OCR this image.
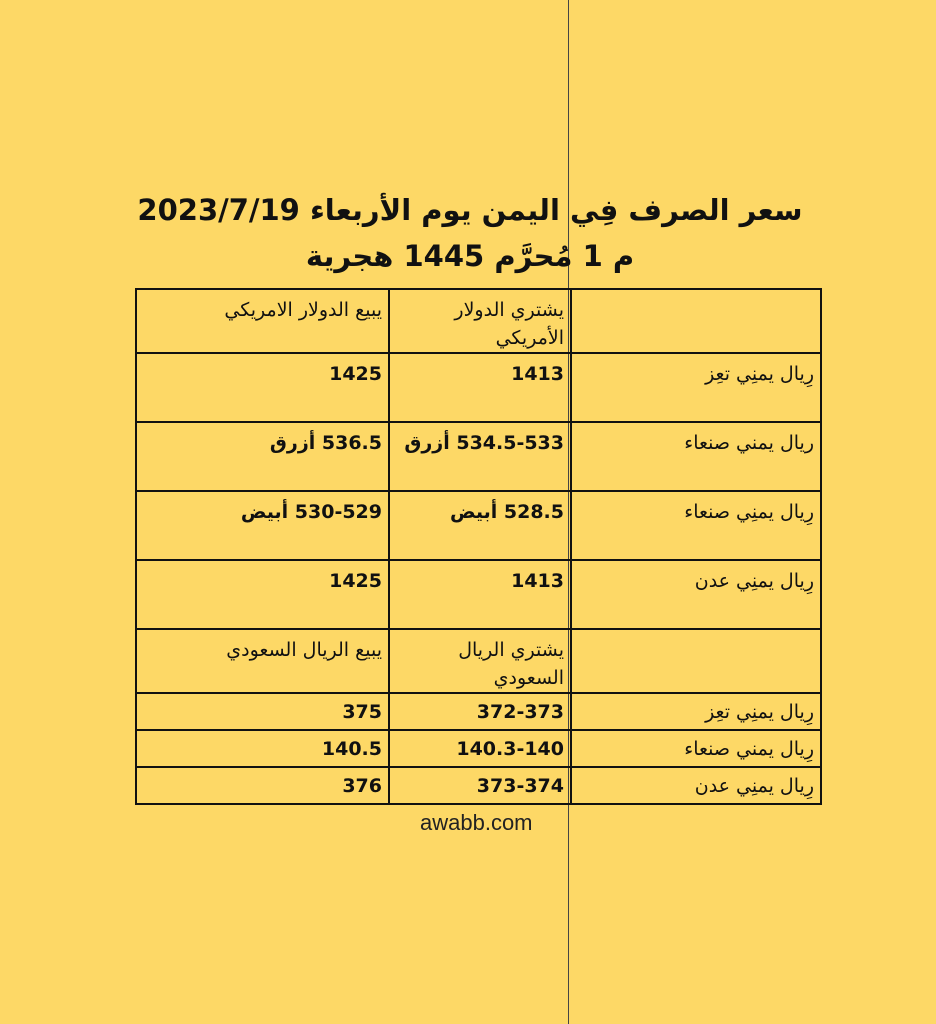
سعر الصرف فِي اليمن يوم الأربعاء 2023/7/19
م 1 مُحرَّم 1445 هجرية
	يشتري الدولار الأمريكي	يبيع الدولار الامريكي
رِيال يمنِي تعِز	1413	1425
ريال يمني صنعاء	534.5-533 أزرق	536.5 أزرق
رِيال يمنِي صنعاء	528.5 أبيض	530-529 أبيض
رِيال يمنِي عدن	1413	1425
	يشتري الريال السعودي	يبيع الريال السعودي
رِيال يمنِي تعِز	372-373	375
رِيال يمني صنعاء	140.3-140	140.5
رِيال يمنِي عدن	373-374	376
awabb.com
